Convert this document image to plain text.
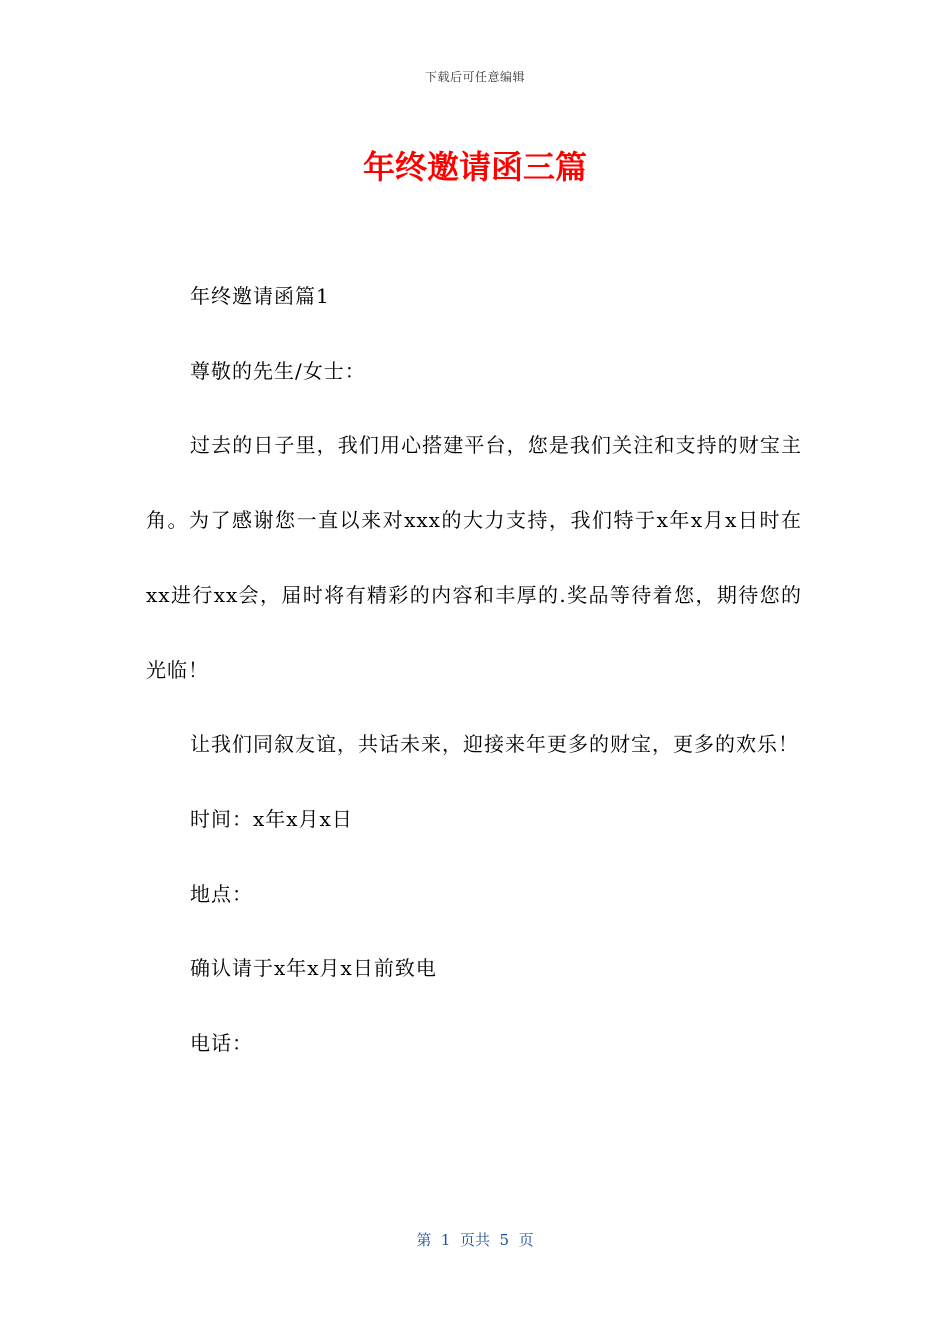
下载后可任意编辑
年终邀请函三篇

年终邀请函篇1

尊敬的先生/女士：

过去的日子里，我们用心搭建平台，您是我们关注和支持的财宝主角。为了感谢您一直以来对xxx的大力支持，我们特于x年x月x日时在xx进行xx会，届时将有精彩的内容和丰厚的.奖品等待着您，期待您的光临！

让我们同叙友谊，共话未来，迎接来年更多的财宝，更多的欢乐！

时间：x年x月x日

地点：

确认请于x年x月x日前致电

电话：

第  1  页共  5  页
